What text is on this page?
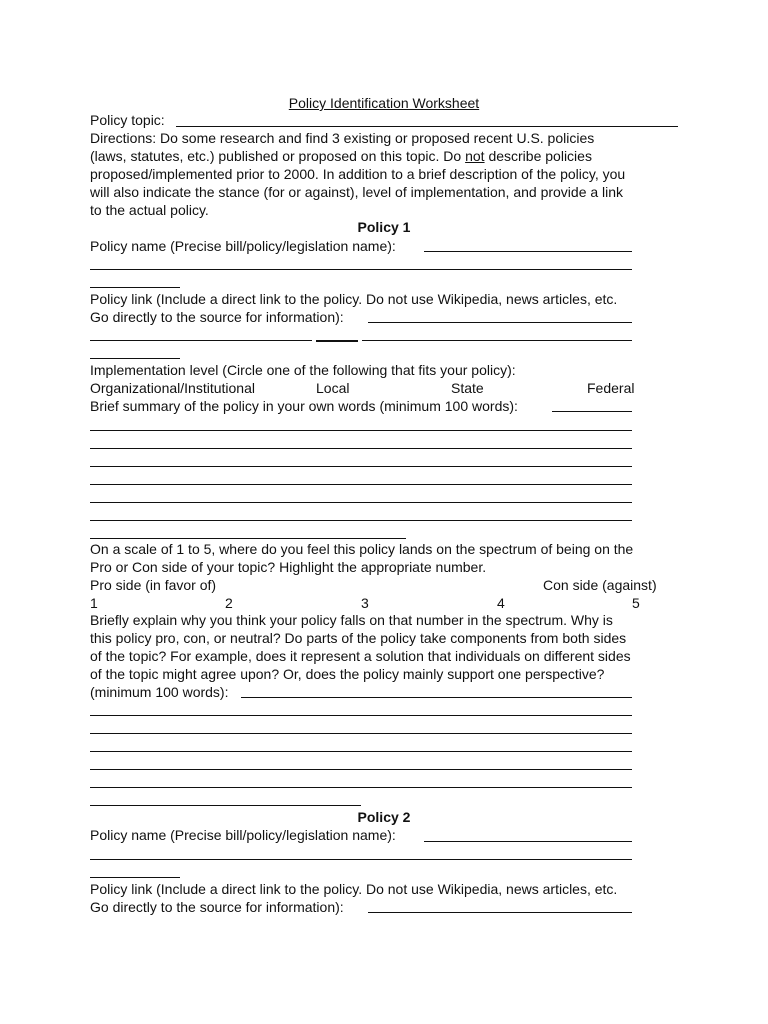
Policy Identification Worksheet

Policy topic:

Directions: Do some research and find 3 existing or proposed recent U.S. policies

(laws, statutes, etc.) published or proposed on this topic. Do not describe policies

proposed/implemented prior to 2000. In addition to a brief description of the policy, you

will also indicate the stance (for or against), level of implementation, and provide a link

to the actual policy.

Policy 1

Policy name (Precise bill/policy/legislation name):

Policy link (Include a direct link to the policy. Do not use Wikipedia, news articles, etc.

Go directly to the source for information):

Implementation level (Circle one of the following that fits your policy):

Organizational/Institutional	Local	State	Federal

Brief summary of the policy in your own words (minimum 100 words):

On a scale of 1 to 5, where do you feel this policy lands on the spectrum of being on the

Pro or Con side of your topic? Highlight the appropriate number.

Pro side (in favor of)	Con side (against)

1	2	3	4	5

Briefly explain why you think your policy falls on that number in the spectrum. Why is

this policy pro, con, or neutral? Do parts of the policy take components from both sides

of the topic? For example, does it represent a solution that individuals on different sides

of the topic might agree upon? Or, does the policy mainly support one perspective?

(minimum 100 words):

Policy 2

Policy name (Precise bill/policy/legislation name):

Policy link (Include a direct link to the policy. Do not use Wikipedia, news articles, etc.

Go directly to the source for information):
